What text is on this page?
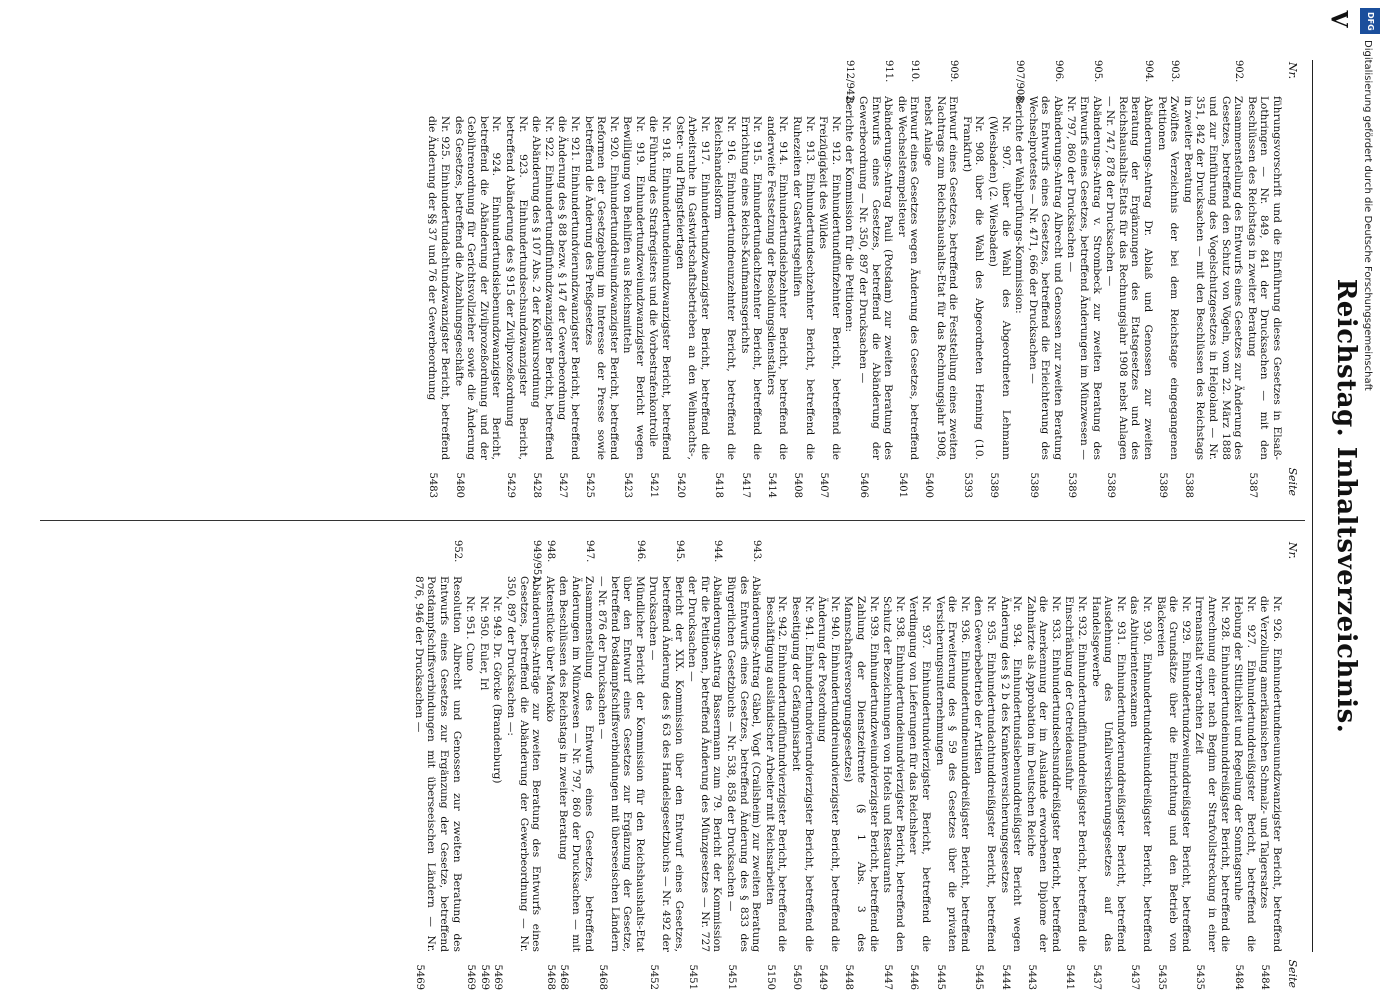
Reichstag. Inhaltsverzeichnis.
Nr.
Seite
führungsvorschrift und die Einführung dieses Gesetzes in Elsaß-Lothringen — Nr. 849, 841 der Drucksachen — mit den Beschlüssen des Reichstags in zweiter Beratung
5387
902.
Zusammenstellung des Entwurfs eines Gesetzes zur Änderung des Gesetzes, betreffend den Schutz von Vögeln, vom 22. März 1888 und zur Einführung des Vogelschutzgesetzes in Helgoland — Nr. 351, 842 der Drucksachen — mit den Beschlüssen des Reichstags in zweiter Beratung
5388
903.
Zwölftes Verzeichnis der bei dem Reichstage eingegangenen Petitionen
5389
904.
Abänderungs-Antrag Dr. Ablaß und Genossen zur zweiten Beratung der Ergänzungen des Etatsgesetzes und des Reichshaushalts-Etats für das Rechnungsjahr 1908 nebst Anlagen — Nr. 747, 878 der Drucksachen —
5389
905.
Abänderungs-Antrag v. Strombeck zur zweiten Beratung des Entwurfs eines Gesetzes, betreffend Änderungen im Münzwesen — Nr. 797, 860 der Drucksachen —
5389
906.
Abänderungs-Antrag Albrecht und Genossen zur zweiten Beratung des Entwurfs eines Gesetzes, betreffend die Erleichterung des Wechselprotestes — Nr. 471, 666 der Drucksachen —
5389
907/908.
Berichte der Wahlprüfungs-Kommission:
Nr. 907. über die Wahl des Abgeordneten Lehmann (Wiesbaden) (2. Wiesbaden)
5389
Nr. 908. über die Wahl des Abgeordneten Henning (10. Frankfurt)
5393
909.
Entwurf eines Gesetzes, betreffend die Feststellung eines zweiten Nachtrags zum Reichshaushalts-Etat für das Rechnungsjahr 1908, nebst Anlage
5400
910.
Entwurf eines Gesetzes wegen Änderung des Gesetzes, betreffend die Wechselstempelsteuer
5401
911.
Abänderungs-Antrag Pauli (Potsdam) zur zweiten Beratung des Entwurfs eines Gesetzes, betreffend die Abänderung der Gewerbeordnung — Nr. 350, 897 der Drucksachen —
5406
912/942.
Berichte der Kommission für die Petitionen:
Nr. 912. Einhundertundfünfzehnter Bericht, betreffend die Freizügigkeit des Wildes
5407
Nr. 913. Einhundertundsechzehnter Bericht, betreffend die Ruhezeiten der Gastwirtsgehilfen
5408
Nr. 914. Einhundertundsiebzehnter Bericht, betreffend die anderweite Festsetzung der Besoldungsdienstalters
5414
Nr. 915. Einhundertundachtzehnter Bericht, betreffend die Errichtung eines Reichs-Kaufmannsgerichts
5417
Nr. 916. Einhundertundneunzehnter Bericht, betreffend die Reichshandelsform
5418
Nr. 917. Einhundertundzwanzigster Bericht, betreffend die Arbeitsruhe in Gastwirtschaftsbetrieben an den Weihnachts-, Oster- und Pfingstfeiertagen
5420
Nr. 918. Einhundertundeinundzwanzigster Bericht, betreffend die Führung des Strafregisters und die Vorbestrafenkontrolle
5421
Nr. 919. Einhundertundzweiundzwanzigster Bericht wegen Bewilligung von Beihilfen aus Reichsmitteln
5423
Nr. 920. Einhundertunddreiundzwanzigster Bericht, betreffend Reformen der Gesetzgebung im Interesse der Presse sowie betreffend die Änderung des Preßgesetzes
5425
Nr. 921. Einhundertundvierundzwanzigster Bericht, betreffend die Änderung des § 88 bezw. § 147 der Gewerbeordnung
5427
Nr. 922. Einhundertundfünfundzwanzigster Bericht, betreffend die Abänderung des § 107 Abs. 2 der Konkursordnung
5428
Nr. 923. Einhundertundsechsundzwanzigster Bericht, betreffend Abänderung des § 915 der Zivilprozeßordnung
5429
Nr. 924. Einhundertundsiebenundzwanzigster Bericht, betreffend die Abänderung der Zivilprozeßordnung und der Gebührenordnung für Gerichtsvollzieher sowie die Änderung des Gesetzes, betreffend die Abzahlungsgeschäfte
5480
Nr. 925. Einhundertundachtundzwanzigster Bericht, betreffend die Änderung der §§ 37 und 76 der Gewerbeordnung
5483
Nr.
Seite
Nr. 926. Einhundertundneunundzwanzigster Bericht, betreffend die Verzollung amerikanischen Schmalz- und Talgersatzes
5484
Nr. 927. Einhundertunddreißigster Bericht, betreffend die Hebung der Sittlichkeit und Regelung der Sonntagsruhe
5484
Nr. 928. Einhundertundeinunddreißigster Bericht, betreffend die Anrechnung einer nach Beginn der Strafvollstreckung in einer Irrenanstalt verbrachten Zeit
5435
Nr. 929. Einhundertundzweiunddreißigster Bericht, betreffend die Grundsätze über die Einrichtung und den Betrieb von Bäckereien
5435
Nr. 930. Einhundertunddreiunddreißigster Bericht, betreffend das Abiturientenexamen
5437
Nr. 931. Einhundertundvierunddreißigster Bericht, betreffend Ausdehnung des Unfallversicherungsgesetzes auf das Handelsgewerbe
5437
Nr. 932. Einhundertundfünfunddreißigster Bericht, betreffend die Einschränkung der Getreideausfuhr
5441
Nr. 933. Einhundertundsechsunddreißigster Bericht, betreffend die Anerkennung der im Auslande erworbenen Diplome der Zahnärzte als Approbation im Deutschen Reiche
5443
Nr. 934. Einhundertundsiebenunddreißigster Bericht wegen Änderung des § 2 b des Krankenversicherungsgesetzes
5444
Nr. 935. Einhundertundachtunddreißigster Bericht, betreffend den Gewerbebetrieb der Artisten
5445
Nr. 936. Einhundertundneununddreißigster Bericht, betreffend die Erweiterung des § 59 des Gesetzes über die privaten Versicherungsunternehmungen
5445
Nr. 937. Einhundertundvierzigster Bericht, betreffend die Verdingung von Lieferungen für das Reichsheer
5446
Nr. 938. Einhundertundeinundvierzigster Bericht, betreffend den Schutz der Bezeichnungen von Hotels und Restaurants
5447
Nr. 939. Einhundertundzweiundvierzigster Bericht, betreffend die Zahlung der Dienstzeitrente (§ 1 Abs. 3 des Mannschaftsversorgungsgesetzes)
5448
Nr. 940. Einhundertunddreiundvierzigster Bericht, betreffend die Änderung der Postordnung
5449
Nr. 941. Einhundertundvierundvierzigster Bericht, betreffend die Beseitigung der Gefängnisarbeit
5450
Nr. 942. Einhundertundfünfundvierzigster Bericht, betreffend die Beschäftigung ausländischer Arbeiter mit Reichsarbeiten
5150
943.
Abänderungs-Antrag Gäbel, Vogt (Crailsheim) zur zweiten Beratung des Entwurfs eines Gesetzes, betreffend Änderung des § 833 des Bürgerlichen Gesetzbuchs — Nr. 538, 858 der Drucksachen —
5451
944.
Abänderungs-Antrag Bassermann zum 79. Bericht der Kommission für die Petitionen, betreffend Änderung des Münzgesetzes — Nr. 727 der Drucksachen —
5451
945.
Bericht der XIX. Kommission über den Entwurf eines Gesetzes, betreffend Änderung des § 63 des Handelsgesetzbuchs — Nr. 492 der Drucksachen —
5452
946.
Mündlicher Bericht der Kommission für den Reichshaushalts-Etat über den Entwurf eines Gesetzes zur Ergänzung der Gesetze, betreffend Postdampfschiffsverbindungen mit überseeischen Ländern — Nr. 876 der Drucksachen —
5468
947.
Zusammenstellung des Entwurfs eines Gesetzes, betreffend Änderungen im Münzwesen — Nr. 797, 860 der Drucksachen — mit den Beschlüssen des Reichstags in zweiter Beratung
5468
948.
Aktenstücke über Marokko
5468
949/951.
Abänderungs-Anträge zur zweiten Beratung des Entwurfs eines Gesetzes, betreffend die Abänderung der Gewerbeordnung — Nr. 350, 897 der Drucksachen —:
Nr. 949. Dr. Görcke (Brandenburg)
5469
Nr. 950. Euler, Irl
5469
Nr. 951. Cuno
5469
952.
Resolution Albrecht und Genossen zur zweiten Beratung des Entwurfs eines Gesetzes zur Ergänzung der Gesetze, betreffend Postdampfschiffsverbindungen mit überseeischen Ländern — Nr. 876, 946 der Drucksachen —
5469
V	DFG
Digitalisierung gefördert durch die Deutsche Forschungsgemeinschaft
